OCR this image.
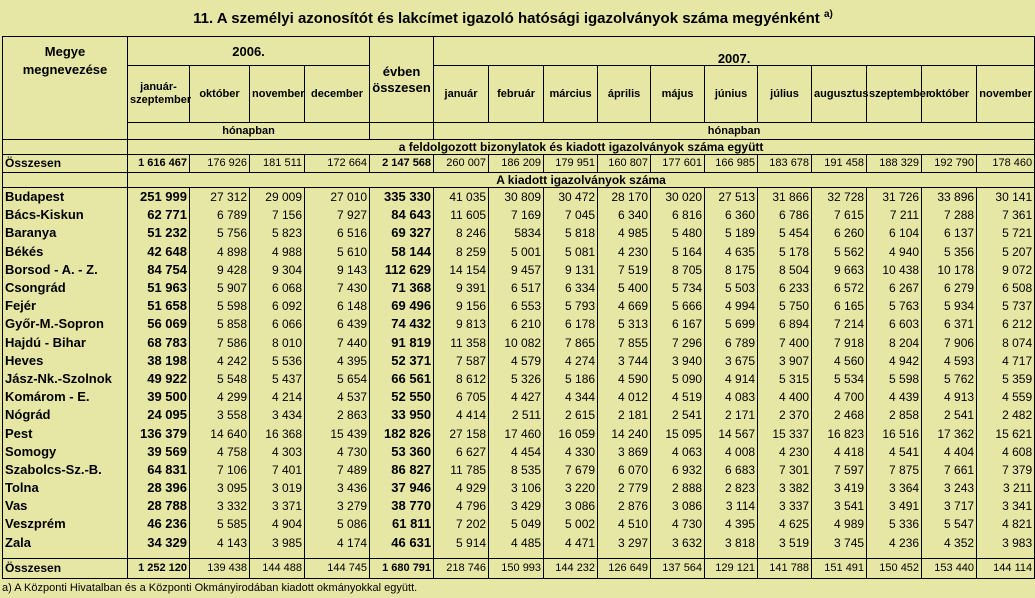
11. A személyi azonosítót és lakcímet igazoló hatósági igazolványok száma megyénként $^{a)}$
Megye megnevezése	2006.				évben összesen	2007.										
	január-szeptember	október	november	december		január	február	március	április	május	június	július	augusztus	szeptember	október	november
	hónapban					hónapban										
	a feldolgozott bizonylatok és kiadott igazolványok száma együtt															
Összesen	1 616 467	176 926	181 511	172 664	2 147 568	260 007	186 209	179 951	160 807	177 601	166 985	183 678	191 458	188 329	192 790	178 460
	A kiadott igazolványok száma															
Budapest	251 999	27 312	29 009	27 010	335 330	41 035	30 809	30 472	28 170	30 020	27 513	31 866	32 728	31 726	33 896	30 141
Bács-Kiskun	62 771	6 789	7 156	7 927	84 643	11 605	7 169	7 045	6 340	6 816	6 360	6 786	7 615	7 211	7 288	7 361
Baranya	51 232	5 756	5 823	6 516	69 327	8 246	5834	5 818	4 985	5 480	5 189	5 454	6 260	6 104	6 137	5 721
Békés	42 648	4 898	4 988	5 610	58 144	8 259	5 001	5 081	4 230	5 164	4 635	5 178	5 562	4 940	5 356	5 207
Borsod - A. - Z.	84 754	9 428	9 304	9 143	112 629	14 154	9 457	9 131	7 519	8 705	8 175	8 504	9 663	10 438	10 178	9 072
Csongrád	51 963	5 907	6 068	7 430	71 368	9 391	6 517	6 334	5 400	5 734	5 503	6 233	6 572	6 267	6 279	6 508
Fejér	51 658	5 598	6 092	6 148	69 496	9 156	6 553	5 793	4 669	5 666	4 994	5 750	6 165	5 763	5 934	5 737
Győr-M.-Sopron	56 069	5 858	6 066	6 439	74 432	9 813	6 210	6 178	5 313	6 167	5 699	6 894	7 214	6 603	6 371	6 212
Hajdú - Bihar	68 783	7 586	8 010	7 440	91 819	11 358	10 082	7 865	7 855	7 296	6 789	7 400	7 918	8 204	7 906	8 074
Heves	38 198	4 242	5 536	4 395	52 371	7 587	4 579	4 274	3 744	3 940	3 675	3 907	4 560	4 942	4 593	4 717
Jász-Nk.-Szolnok	49 922	5 548	5 437	5 654	66 561	8 612	5 326	5 186	4 590	5 090	4 914	5 315	5 534	5 598	5 762	5 359
Komárom - E.	39 500	4 299	4 214	4 537	52 550	6 705	4 427	4 344	4 012	4 519	4 083	4 400	4 700	4 439	4 913	4 559
Nógrád	24 095	3 558	3 434	2 863	33 950	4 414	2 511	2 615	2 181	2 541	2 171	2 370	2 468	2 858	2 541	2 482
Pest	136 379	14 640	16 368	15 439	182 826	27 158	17 460	16 059	14 240	15 095	14 567	15 337	16 823	16 516	17 362	15 621
Somogy	39 569	4 758	4 303	4 730	53 360	6 627	4 454	4 330	3 869	4 063	4 008	4 230	4 418	4 541	4 404	4 608
Szabolcs-Sz.-B.	64 831	7 106	7 401	7 489	86 827	11 785	8 535	7 679	6 070	6 932	6 683	7 301	7 597	7 875	7 661	7 379
Tolna	28 396	3 095	3 019	3 436	37 946	4 929	3 106	3 220	2 779	2 888	2 823	3 382	3 419	3 364	3 243	3 211
Vas	28 788	3 332	3 371	3 279	38 770	4 796	3 429	3 086	2 876	3 086	3 114	3 337	3 541	3 491	3 717	3 341
Veszprém	46 236	5 585	4 904	5 086	61 811	7 202	5 049	5 002	4 510	4 730	4 395	4 625	4 989	5 336	5 547	4 821
Zala	34 329	4 143	3 985	4 174	46 631	5 914	4 485	4 471	3 297	3 632	3 818	3 519	3 745	4 236	4 352	3 983

Összesen	1 252 120	139 438	144 488	144 745	1 680 791	218 746	150 993	144 232	126 649	137 564	129 121	141 788	151 491	150 452	153 440	144 114
a) A Központi Hivatalban és a Központi Okmányirodában kiadott okmányokkal együtt.
